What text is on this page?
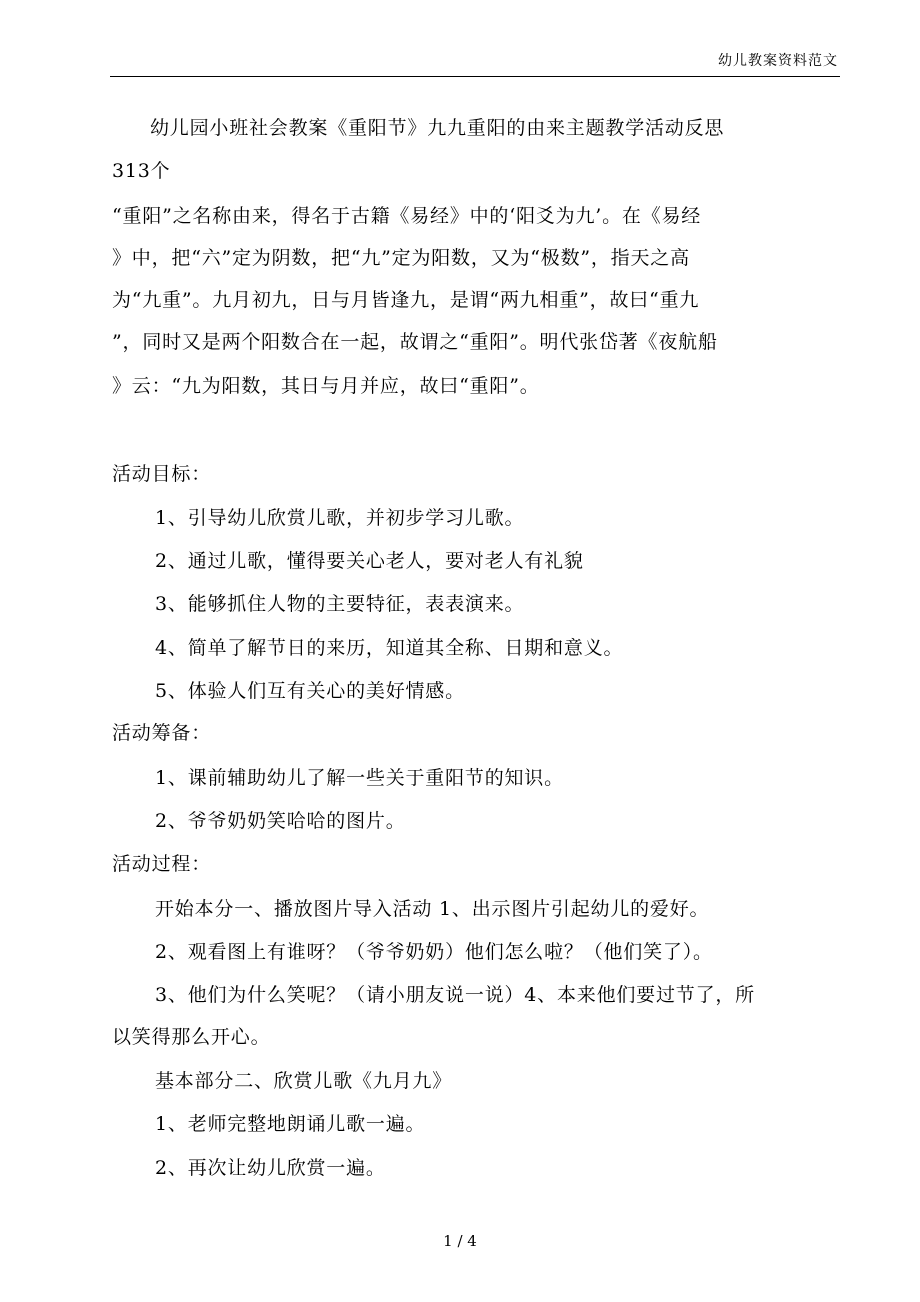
幼儿教案资料范文
幼儿园小班社会教案《重阳节》九九重阳的由来主题教学活动反思
313个
“重阳”之名称由来，得名于古籍《易经》中的‘阳爻为九’。在《易经
》中，把“六”定为阴数，把“九”定为阳数，又为“极数”，指天之高
为“九重”。九月初九，日与月皆逢九，是谓“两九相重”，故曰“重九
”，同时又是两个阳数合在一起，故谓之“重阳”。明代张岱著《夜航船
》云：“九为阳数，其日与月并应，故曰“重阳”。
活动目标：
1、引导幼儿欣赏儿歌，并初步学习儿歌。
2、通过儿歌，懂得要关心老人，要对老人有礼貌
3、能够抓住人物的主要特征，表表演来。
4、简单了解节日的来历，知道其全称、日期和意义。
5、体验人们互有关心的美好情感。
活动筹备：
1、课前辅助幼儿了解一些关于重阳节的知识。
2、爷爷奶奶笑哈哈的图片。
活动过程：
开始本分一、播放图片导入活动 1、出示图片引起幼儿的爱好。
2、观看图上有谁呀？（爷爷奶奶）他们怎么啦？（他们笑了）。
3、他们为什么笑呢？（请小朋友说一说）4、本来他们要过节了，所
以笑得那么开心。
基本部分二、欣赏儿歌《九月九》
1、老师完整地朗诵儿歌一遍。
2、再次让幼儿欣赏一遍。
1 / 4
